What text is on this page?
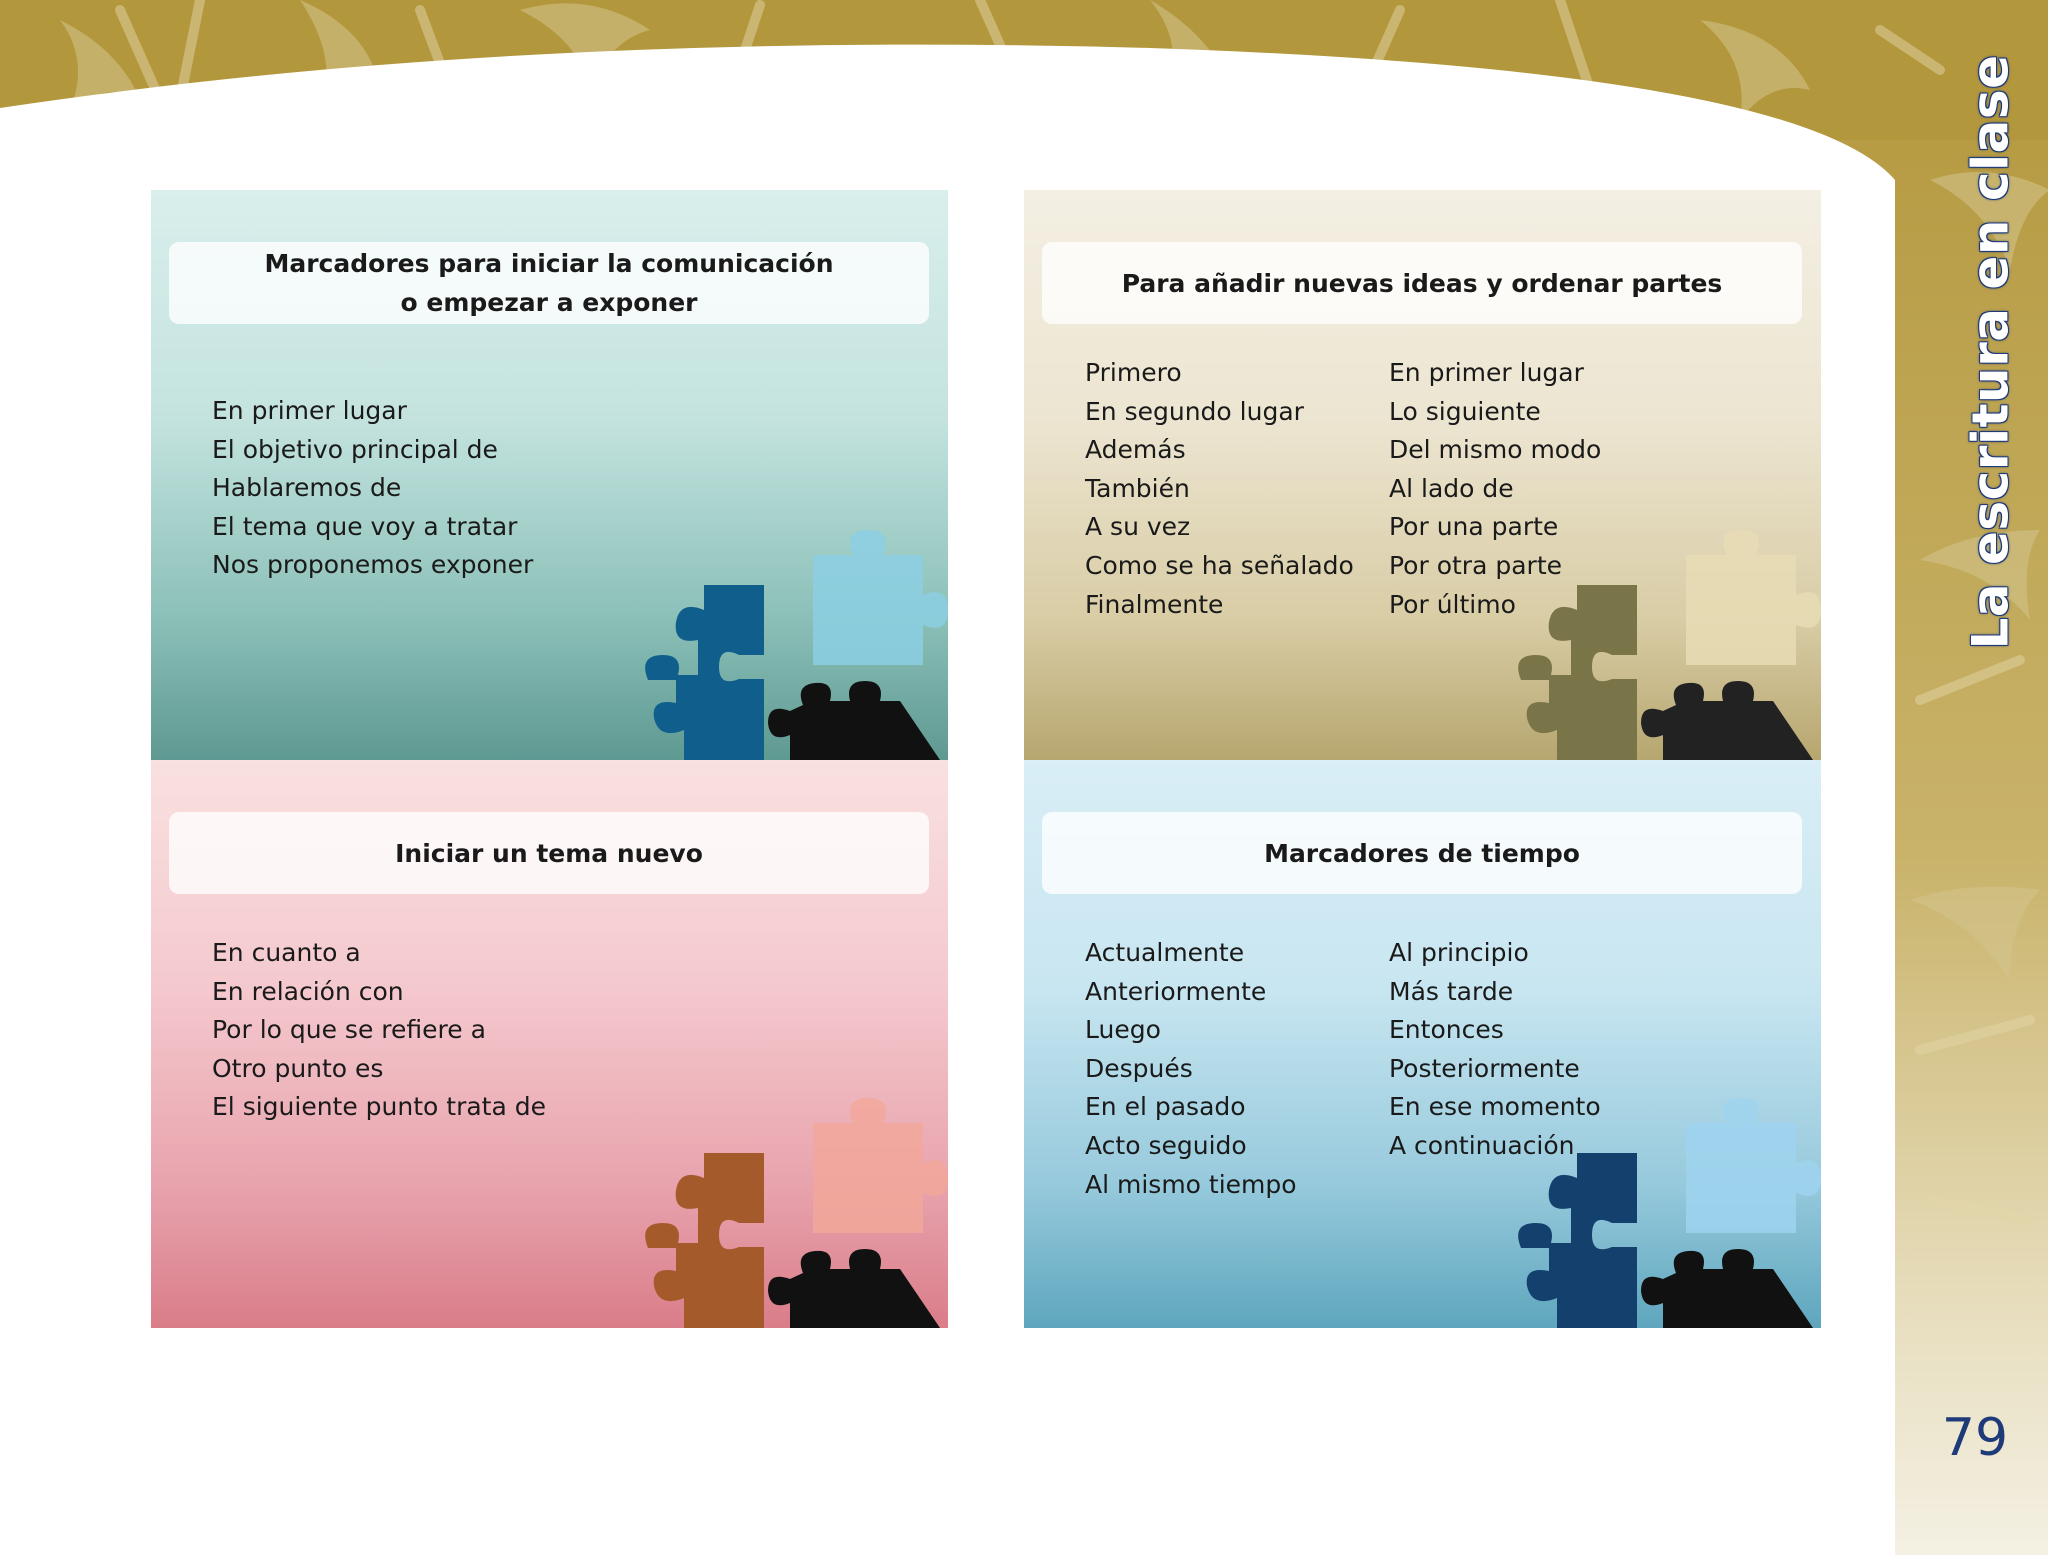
La escritura en clase
79
Marcadores para iniciar la comunicación
o empezar a exponer
En primer lugar
El objetivo principal de
Hablaremos de
El tema que voy a tratar
Nos proponemos exponer
Para añadir nuevas ideas y ordenar partes
Primero
En segundo lugar
Además
También
A su vez
Como se ha señalado
Finalmente
En primer lugar
Lo siguiente
Del mismo modo
Al lado de
Por una parte
Por otra parte
Por último
Iniciar un tema nuevo
En cuanto a
En relación con
Por lo que se refiere a
Otro punto es
El siguiente punto trata de
Marcadores de tiempo
Actualmente
Anteriormente
Luego
Después
En el pasado
Acto seguido
Al mismo tiempo
Al principio
Más tarde
Entonces
Posteriormente
En ese momento
A continuación
